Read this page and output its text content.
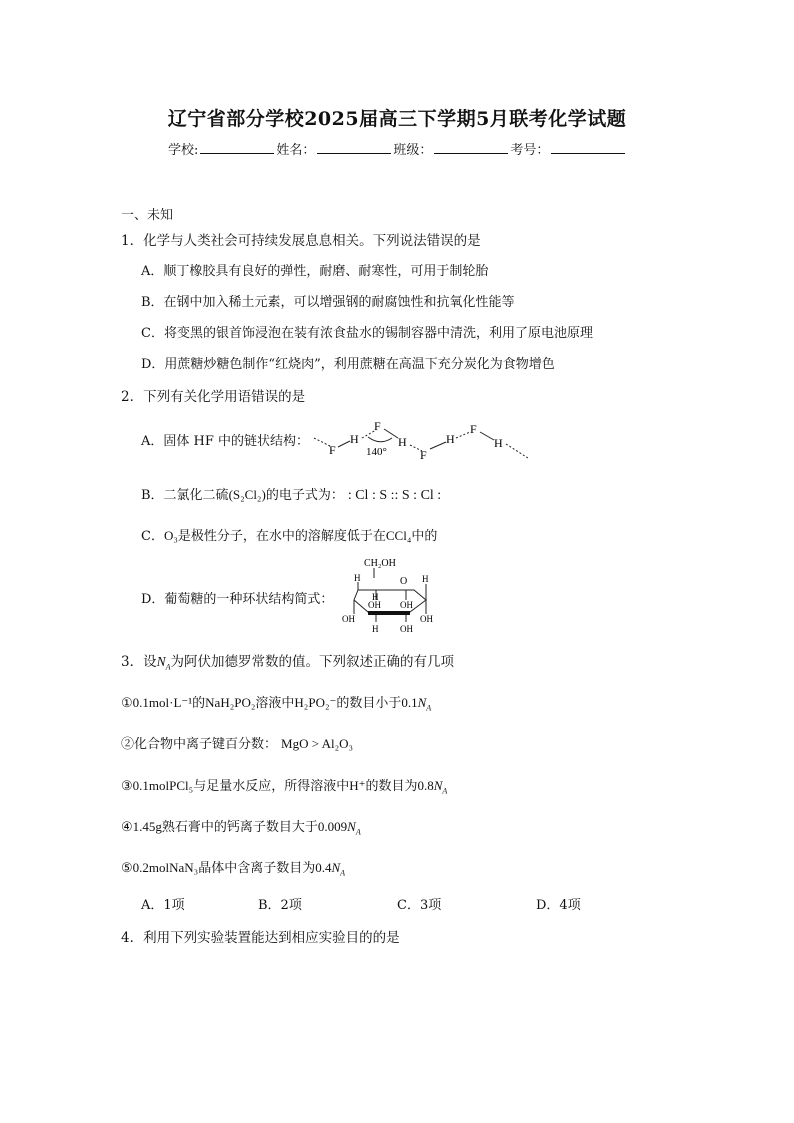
辽宁省部分学校2025届高三下学期5月联考化学试题
学校:	姓名：	班级：	考号：
一、未知
1．化学与人类社会可持续发展息息相关。下列说法错误的是
A．顺丁橡胶具有良好的弹性，耐磨、耐寒性，可用于制轮胎
B．在钢中加入稀土元素，可以增强钢的耐腐蚀性和抗氧化性能等
C．将变黑的银首饰浸泡在装有浓食盐水的锡制容器中清洗，利用了原电池原理
D．用蔗糖炒糖色制作“红烧肉”，利用蔗糖在高温下充分炭化为食物增色
2．下列有关化学用语错误的是
A．固体 HF 中的链状结构：
F
H
F
140°
H
F
H
F
H
B．二氯化二硫(S₂Cl₂)的电子式为： : Cl : S :: S : Cl :
C．O₃是极性分子，在水中的溶解度低于在CCl₄中的
D．葡萄糖的一种环状结构简式：
CH₂OH
H	O H
H
OH
OH OH
OH
H OH
3．设$N_A$为阿伏加德罗常数的值。下列叙述正确的有几项
①0.1mol·L⁻¹的NaH₂PO₂溶液中H₂PO₂⁻的数目小于$0.1N_A$
②化合物中离子键百分数： MgO > Al₂O₃
③0.1molPCl₅与足量水反应，所得溶液中H⁺的数目为$0.8N_A$
④1.45g熟石膏中的钙离子数目大于$0.009N_A$
⑤0.2molNaN₃晶体中含离子数目为$0.4N_A$
A．1项	B．2项	C．3项	D．4项
4．利用下列实验装置能达到相应实验目的的是
